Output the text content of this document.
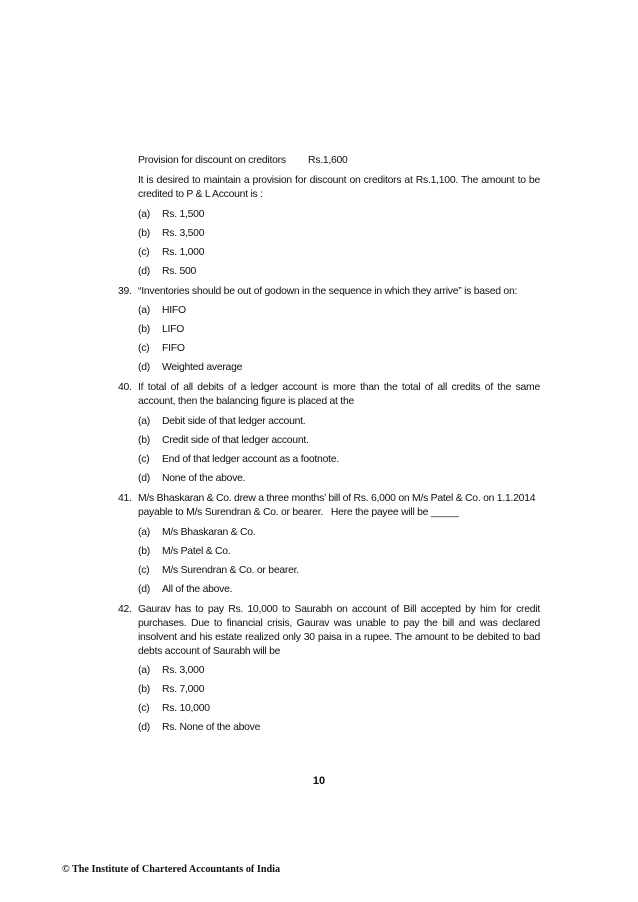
Provision for discount on creditors Rs.1,600
It is desired to maintain a provision for discount on creditors at Rs.1,100. The amount to be
credited to P & L Account is :
(a) Rs. 1,500
(b) Rs. 3,500
(c) Rs. 1,000
(d) Rs. 500
39. “Inventories should be out of godown in the sequence in which they arrive” is based on:
(a) HIFO
(b) LIFO
(c) FIFO
(d) Weighted average
40. If total of all debits of a ledger account is more than the total of all credits of the same
account, then the balancing figure is placed at the
(a) Debit side of that ledger account.
(b) Credit side of that ledger account.
(c) End of that ledger account as a footnote.
(d) None of the above.
41. M/s Bhaskaran & Co. drew a three months’ bill of Rs. 6,000 on M/s Patel & Co. on 1.1.2014
payable to M/s Surendran & Co. or bearer.   Here the payee will be _____
(a) M/s Bhaskaran & Co.
(b) M/s Patel & Co.
(c) M/s Surendran & Co. or bearer.
(d) All of the above.
42. Gaurav has to pay Rs. 10,000 to Saurabh on account of Bill accepted by him for credit
purchases. Due to financial crisis, Gaurav was unable to pay the bill and was declared
insolvent and his estate realized only 30 paisa in a rupee. The amount to be debited to bad
debts account of Saurabh will be
(a) Rs. 3,000
(b) Rs. 7,000
(c) Rs. 10,000
(d) Rs. None of the above
10
© The Institute of Chartered Accountants of India
